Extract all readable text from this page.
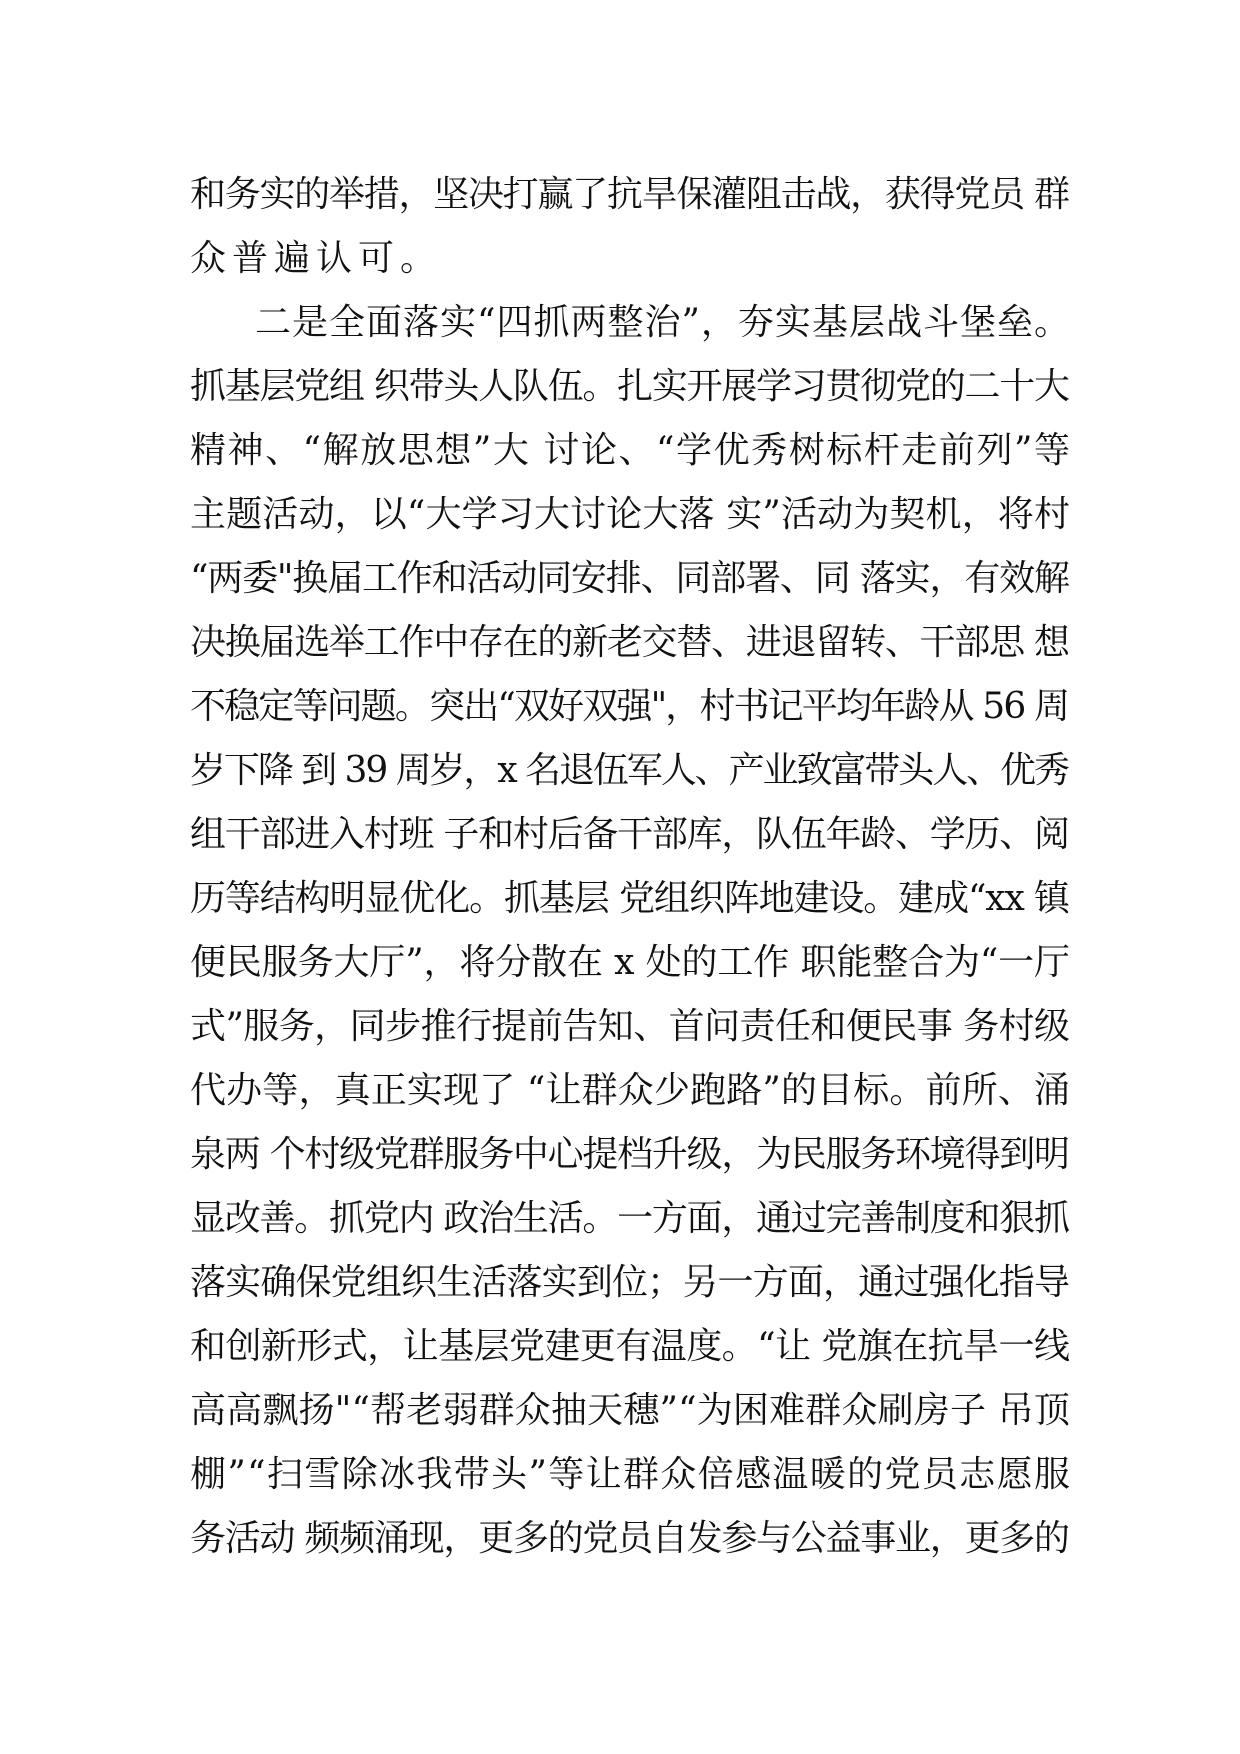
和务实的举措，坚决打赢了抗旱保灌阻击战，获得党员 群
众普遍认可。
二是全面落实“四抓两整治”，夯实基层战斗堡垒。
抓基层党组 织带头人队伍。扎实开展学习贯彻党的二十大
精神、“解放思想”大 讨论、“学优秀树标杆走前列”等
主题活动，以“大学习大讨论大落 实”活动为契机，将村
“两委"换届工作和活动同安排、同部署、同 落实，有效解
决换届选举工作中存在的新老交替、进退留转、干部思 想
不稳定等问题。突出“双好双强"，村书记平均年龄从 56 周
岁下降 到 39 周岁，x 名退伍军人、产业致富带头人、优秀
组干部进入村班 子和村后备干部库，队伍年龄、学历、阅
历等结构明显优化。抓基层 党组织阵地建设。建成“xx 镇
便民服务大厅”，将分散在 x 处的工作 职能整合为“一厅
式”服务，同步推行提前告知、首问责任和便民事 务村级
代办等，真正实现了 “让群众少跑路”的目标。前所、涌
泉两 个村级党群服务中心提档升级，为民服务环境得到明
显改善。抓党内 政治生活。一方面，通过完善制度和狠抓
落实确保党组织生活落实到位；另一方面，通过强化指导
和创新形式，让基层党建更有温度。“让 党旗在抗旱一线
高高飘扬"“帮老弱群众抽天穗”“为困难群众刷房子 吊顶
棚”“扫雪除冰我带头”等让群众倍感温暖的党员志愿服
务活动 频频涌现，更多的党员自发参与公益事业，更多的
